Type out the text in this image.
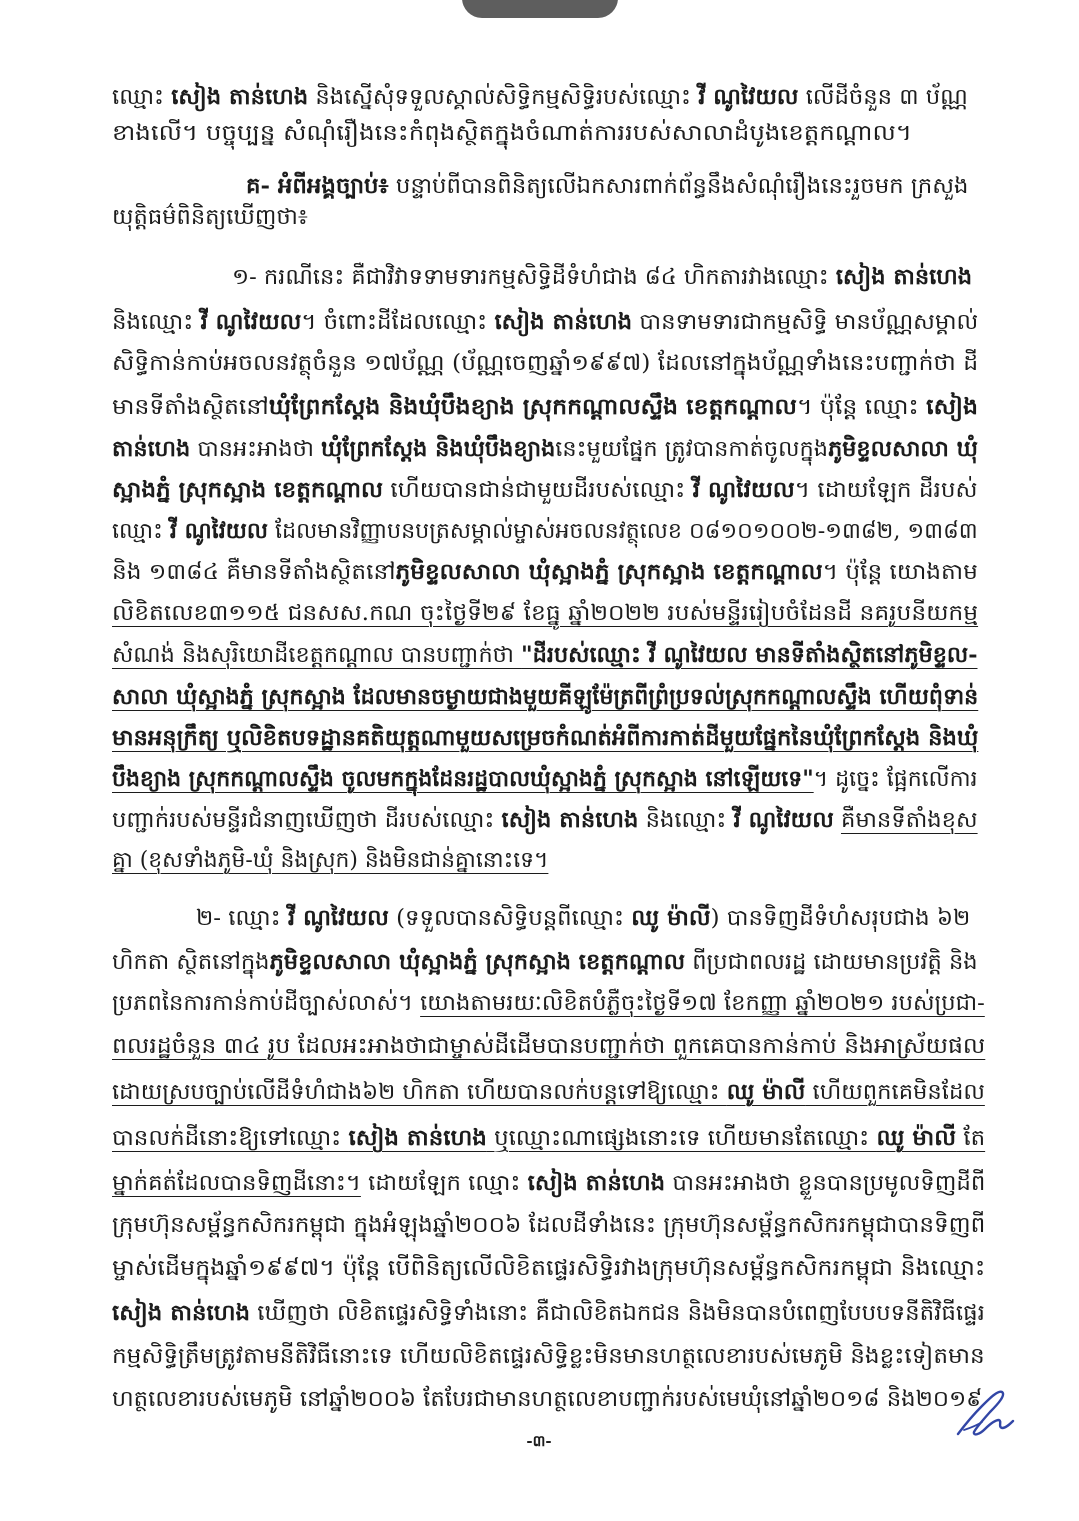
ឈ្មោះ សៀង តាន់ហេង និងស្នើសុំទទួលស្គាល់សិទ្ធិកម្មសិទ្ធិរបស់ឈ្មោះ វី ណូវៃយល លើដីចំនួន ៣ ប័ណ្ណ
ខាងលើ។ បច្ចុប្បន្ន សំណុំរឿងនេះកំពុងស្ថិតក្នុងចំណាត់ការរបស់សាលាដំបូងខេត្តកណ្តាល។
គ- អំពីអង្គច្បាប់៖ បន្ទាប់ពីបានពិនិត្យលើឯកសារពាក់ព័ន្ធនឹងសំណុំរឿងនេះរួចមក ក្រសួង
យុត្តិធម៌ពិនិត្យឃើញថា៖
១- ករណីនេះ គឺជាវិវាទទាមទារកម្មសិទ្ធិដីទំហំជាង ៨៤ ហិកតារវាងឈ្មោះ សៀង តាន់ហេង
និងឈ្មោះ វី ណូវៃយល។ ចំពោះដីដែលឈ្មោះ សៀង តាន់ហេង បានទាមទារជាកម្មសិទ្ធិ មានប័ណ្ណសម្គាល់
សិទ្ធិកាន់កាប់អចលនវត្ថុចំនួន ១៧ប័ណ្ណ (ប័ណ្ណចេញឆ្នាំ១៩៩៧) ដែលនៅក្នុងប័ណ្ណទាំងនេះបញ្ជាក់ថា ដី
មានទីតាំងស្ថិតនៅឃុំព្រែកស្តែង និងឃុំបឹងខ្យាង ស្រុកកណ្តាលស្ទឹង ខេត្តកណ្តាល។ ប៉ុន្តែ ឈ្មោះ សៀង
តាន់ហេង បានអះអាងថា ឃុំព្រែកស្តែង និងឃុំបឹងខ្យាងនេះមួយផ្នែក ត្រូវបានកាត់ចូលក្នុងភូមិខ្ទលសាលា ឃុំ
ស្អាងភ្នំ ស្រុកស្អាង ខេត្តកណ្តាល ហើយបានជាន់ជាមួយដីរបស់ឈ្មោះ វី ណូវៃយល។ ដោយឡែក ដីរបស់
ឈ្មោះ វី ណូវៃយល ដែលមានវិញ្ញាបនបត្រសម្គាល់ម្ចាស់អចលនវត្ថុលេខ ០៨១០១០០២-១៣៨២, ១៣៨៣
និង ១៣៨៤ គឺមានទីតាំងស្ថិតនៅភូមិខ្ទលសាលា ឃុំស្អាងភ្នំ ស្រុកស្អាង ខេត្តកណ្តាល។ ប៉ុន្តែ យោងតាម
លិខិតលេខ៣១១៥ ជនសស.កណ ចុះថ្ងៃទី២៩ ខែធ្នូ ឆ្នាំ២០២២ របស់មន្ទីររៀបចំដែនដី នគរូបនីយកម្ម
សំណង់ និងសុរិយោដីខេត្តកណ្តាល បានបញ្ជាក់ថា "ដីរបស់ឈ្មោះ វី ណូវៃយល មានទីតាំងស្ថិតនៅភូមិខ្ទល-
សាលា ឃុំស្អាងភ្នំ ស្រុកស្អាង ដែលមានចម្ងាយជាងមួយគីឡូម៉ែត្រពីព្រំប្រទល់ស្រុកកណ្តាលស្ទឹង ហើយពុំទាន់
មានអនុក្រឹត្យ ឬលិខិតបទដ្ឋានគតិយុត្តណាមួយសម្រេចកំណត់អំពីការកាត់ដីមួយផ្នែកនៃឃុំព្រែកស្តែង និងឃុំ
បឹងខ្យាង ស្រុកកណ្តាលស្ទឹង ចូលមកក្នុងដែនរដ្ឋបាលឃុំស្អាងភ្នំ ស្រុកស្អាង នៅឡើយទេ"។ ដូច្នេះ ផ្អែកលើការ
បញ្ជាក់របស់មន្ទីរជំនាញឃើញថា ដីរបស់ឈ្មោះ សៀង តាន់ហេង និងឈ្មោះ វី ណូវៃយល គឺមានទីតាំងខុស
គ្នា (ខុសទាំងភូមិ-ឃុំ និងស្រុក) និងមិនជាន់គ្នានោះទេ។
២- ឈ្មោះ វី ណូវៃយល (ទទួលបានសិទ្ធិបន្តពីឈ្មោះ ឈូ ម៉ាលី) បានទិញដីទំហំសរុបជាង ៦២
ហិកតា ស្ថិតនៅក្នុងភូមិខ្ទលសាលា ឃុំស្អាងភ្នំ ស្រុកស្អាង ខេត្តកណ្តាល ពីប្រជាពលរដ្ឋ ដោយមានប្រវត្តិ និង
ប្រភពនៃការកាន់កាប់ដីច្បាស់លាស់។ យោងតាមរយៈលិខិតបំភ្លឺចុះថ្ងៃទី១៧ ខែកញ្ញា ឆ្នាំ២០២១ របស់ប្រជា-
ពលរដ្ឋចំនួន ៣៤ រូប ដែលអះអាងថាជាម្ចាស់ដីដើមបានបញ្ជាក់ថា ពួកគេបានកាន់កាប់ និងអាស្រ័យផល
ដោយស្របច្បាប់លើដីទំហំជាង៦២ ហិកតា ហើយបានលក់បន្តទៅឱ្យឈ្មោះ ឈូ ម៉ាលី ហើយពួកគេមិនដែល
បានលក់ដីនោះឱ្យទៅឈ្មោះ សៀង តាន់ហេង ឬឈ្មោះណាផ្សេងនោះទេ ហើយមានតែឈ្មោះ ឈូ ម៉ាលី តែ
ម្នាក់គត់ដែលបានទិញដីនោះ។ ដោយឡែក ឈ្មោះ សៀង តាន់ហេង បានអះអាងថា ខ្លួនបានប្រមូលទិញដីពី
ក្រុមហ៊ុនសម្ព័ន្ធកសិករកម្ពុជា ក្នុងអំឡុងឆ្នាំ២០០៦ ដែលដីទាំងនេះ ក្រុមហ៊ុនសម្ព័ន្ធកសិករកម្ពុជាបានទិញពី
ម្ចាស់ដើមក្នុងឆ្នាំ១៩៩៧។ ប៉ុន្តែ បើពិនិត្យលើលិខិតផ្ទេរសិទ្ធិរវាងក្រុមហ៊ុនសម្ព័ន្ធកសិករកម្ពុជា និងឈ្មោះ
សៀង តាន់ហេង ឃើញថា លិខិតផ្ទេរសិទ្ធិទាំងនោះ គឺជាលិខិតឯកជន និងមិនបានបំពេញបែបបទនីតិវិធីផ្ទេរ
កម្មសិទ្ធិត្រឹមត្រូវតាមនីតិវិធីនោះទេ ហើយលិខិតផ្ទេរសិទ្ធិខ្លះមិនមានហត្ថលេខារបស់មេភូមិ និងខ្លះទៀតមាន
ហត្ថលេខារបស់មេភូមិ នៅឆ្នាំ២០០៦ តែបែរជាមានហត្ថលេខាបញ្ជាក់របស់មេឃុំនៅឆ្នាំ២០១៨ និង២០១៩
-៣-
